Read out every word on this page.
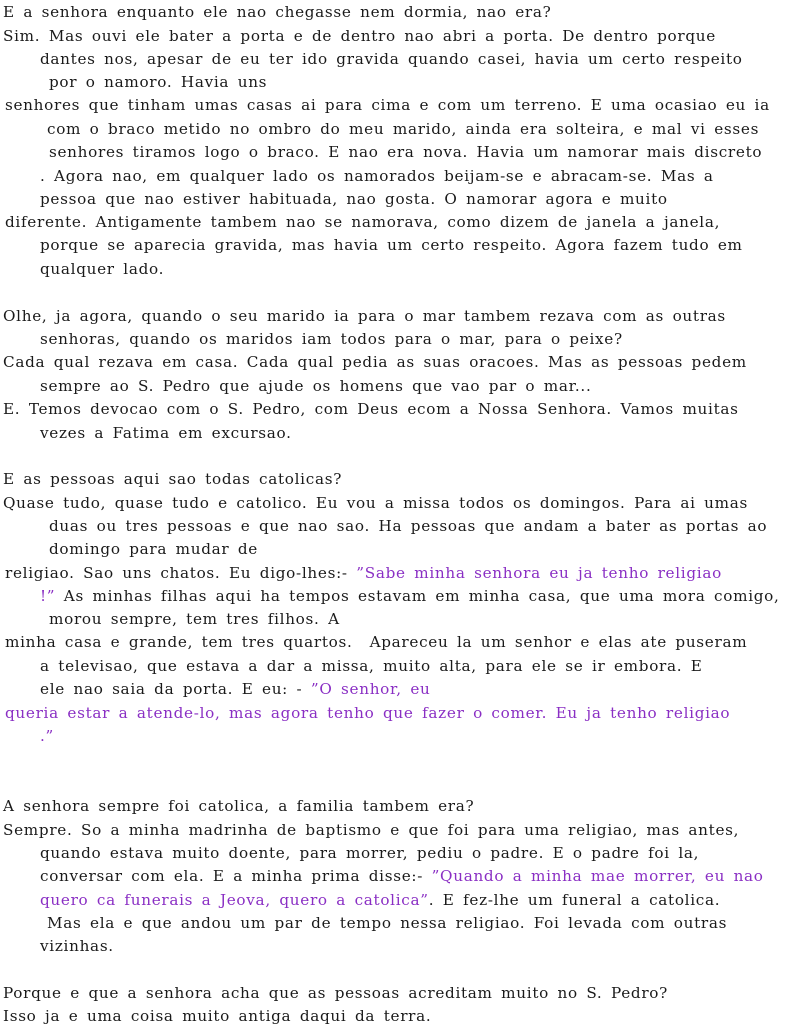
E a senhora enquanto ele nao chegasse nem dormia, nao era?
Sim. Mas ouvi ele bater a porta e de dentro nao abri a porta. De dentro porque
dantes nos, apesar de eu ter ido gravida quando casei, havia um certo respeito
por o namoro. Havia uns
senhores que tinham umas casas ai para cima e com um terreno. E uma ocasiao eu ia
com o braco metido no ombro do meu marido, ainda era solteira, e mal vi esses
senhores tiramos logo o braco. E nao era nova. Havia um namorar mais discreto
. Agora nao, em qualquer lado os namorados beijam-se e abracam-se. Mas a
pessoa que nao estiver habituada, nao gosta. O namorar agora e muito
diferente. Antigamente tambem nao se namorava, como dizem de janela a janela,
porque se aparecia gravida, mas havia um certo respeito. Agora fazem tudo em
qualquer lado.
Olhe, ja agora, quando o seu marido ia para o mar tambem rezava com as outras
senhoras, quando os maridos iam todos para o mar, para o peixe?
Cada qual rezava em casa. Cada qual pedia as suas oracoes. Mas as pessoas pedem
sempre ao S. Pedro que ajude os homens que vao par o mar...
E. Temos devocao com o S. Pedro, com Deus ecom a Nossa Senhora. Vamos muitas
vezes a Fatima em excursao.
E as pessoas aqui sao todas catolicas?
Quase tudo, quase tudo e catolico. Eu vou a missa todos os domingos. Para ai umas
duas ou tres pessoas e que nao sao. Ha pessoas que andam a bater as portas ao
domingo para mudar de
religiao. Sao uns chatos. Eu digo-lhes:- ”Sabe minha senhora eu ja tenho religiao
!” As minhas filhas aqui ha tempos estavam em minha casa, que uma mora comigo,
morou sempre, tem tres filhos. A
minha casa e grande, tem tres quartos.  Apareceu la um senhor e elas ate puseram
a televisao, que estava a dar a missa, muito alta, para ele se ir embora. E
ele nao saia da porta. E eu: - ”O senhor, eu
queria estar a atende-lo, mas agora tenho que fazer o comer. Eu ja tenho religiao
.”
A senhora sempre foi catolica, a familia tambem era?
Sempre. So a minha madrinha de baptismo e que foi para uma religiao, mas antes,
quando estava muito doente, para morrer, pediu o padre. E o padre foi la,
conversar com ela. E a minha prima disse:- ”Quando a minha mae morrer, eu nao
quero ca funerais a Jeova, quero a catolica”. E fez-lhe um funeral a catolica.
Mas ela e que andou um par de tempo nessa religiao. Foi levada com outras
vizinhas.
Porque e que a senhora acha que as pessoas acreditam muito no S. Pedro?
Isso ja e uma coisa muito antiga daqui da terra.
